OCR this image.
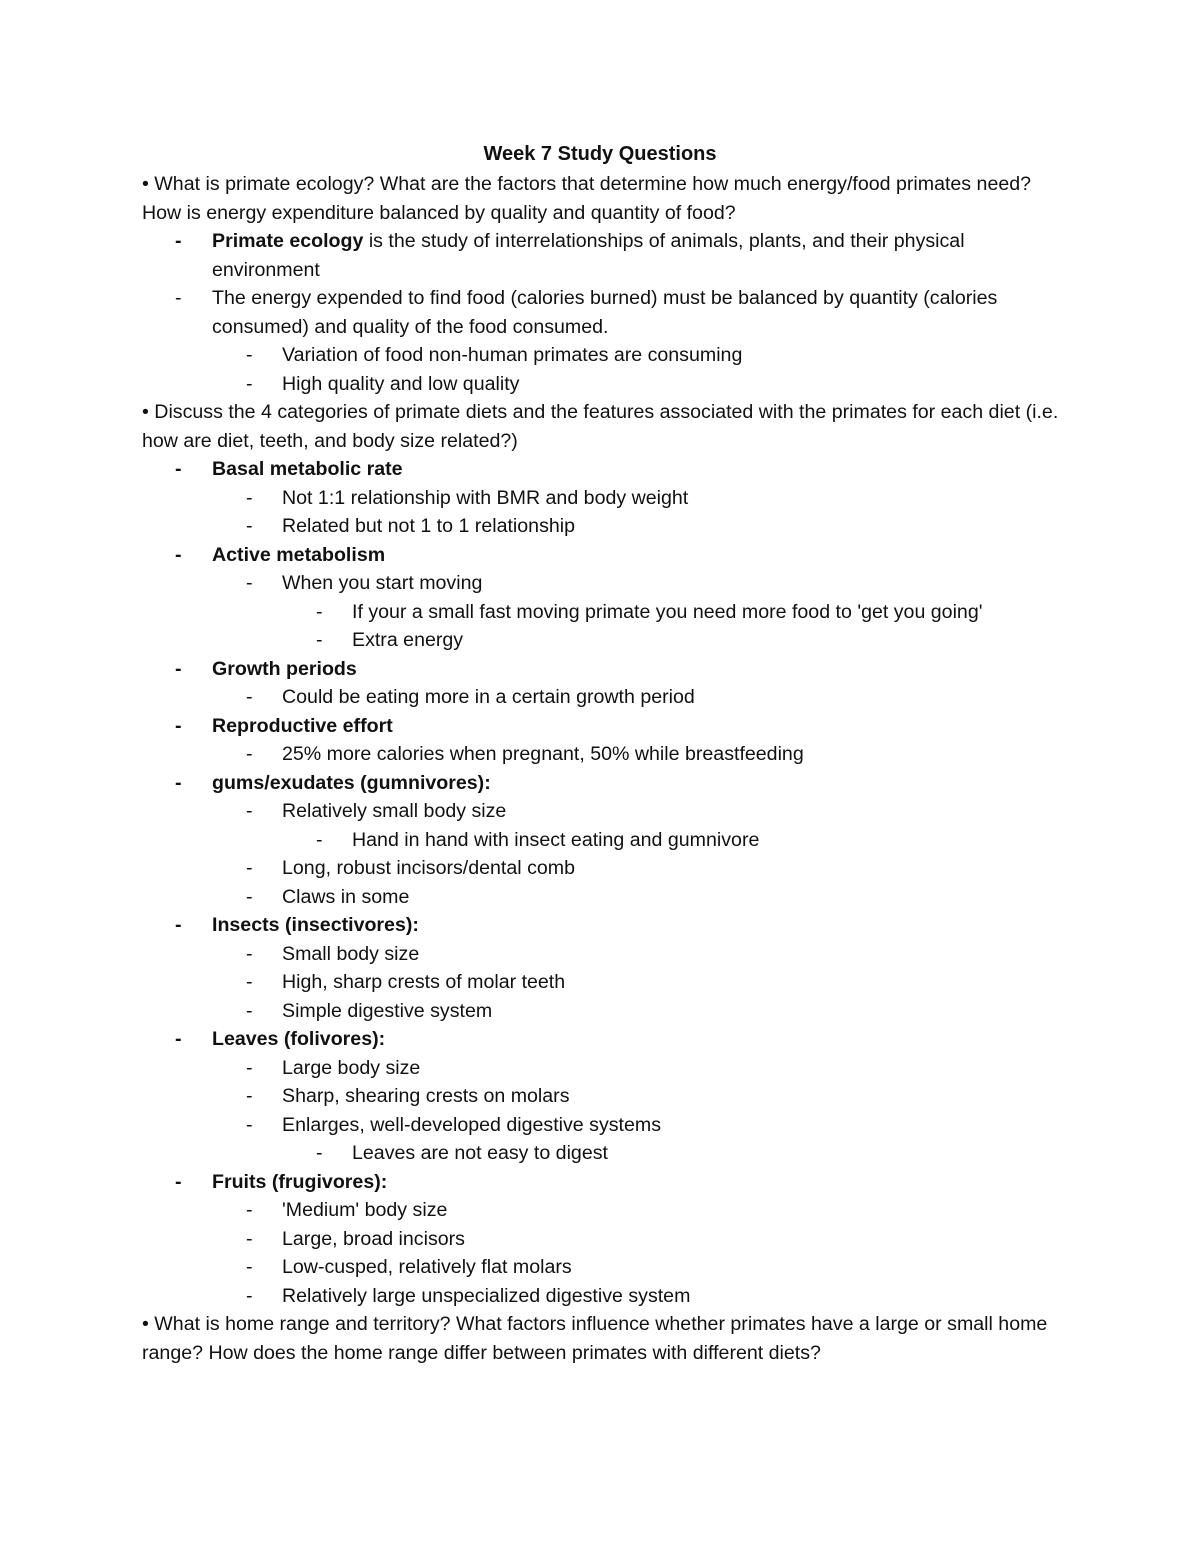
Week 7 Study Questions

• What is primate ecology? What are the factors that determine how much energy/food primates need? How is energy expenditure balanced by quality and quantity of food?

- Primate ecology is the study of interrelationships of animals, plants, and their physical environment

- The energy expended to find food (calories burned) must be balanced by quantity (calories consumed) and quality of the food consumed.

- Variation of food non-human primates are consuming

- High quality and low quality

• Discuss the 4 categories of primate diets and the features associated with the primates for each diet (i.e. how are diet, teeth, and body size related?)

- Basal metabolic rate

- Not 1:1 relationship with BMR and body weight

- Related but not 1 to 1 relationship

- Active metabolism

- When you start moving

- If your a small fast moving primate you need more food to 'get you going'

- Extra energy

- Growth periods

- Could be eating more in a certain growth period

- Reproductive effort

- 25% more calories when pregnant, 50% while breastfeeding

- gums/exudates (gumnivores):

- Relatively small body size

- Hand in hand with insect eating and gumnivore

- Long, robust incisors/dental comb

- Claws in some

- Insects (insectivores):

- Small body size

- High, sharp crests of molar teeth

- Simple digestive system

- Leaves (folivores):

- Large body size

- Sharp, shearing crests on molars

- Enlarges, well-developed digestive systems

- Leaves are not easy to digest

- Fruits (frugivores):

- 'Medium' body size

- Large, broad incisors

- Low-cusped, relatively flat molars

- Relatively large unspecialized digestive system

• What is home range and territory? What factors influence whether primates have a large or small home range? How does the home range differ between primates with different diets?
